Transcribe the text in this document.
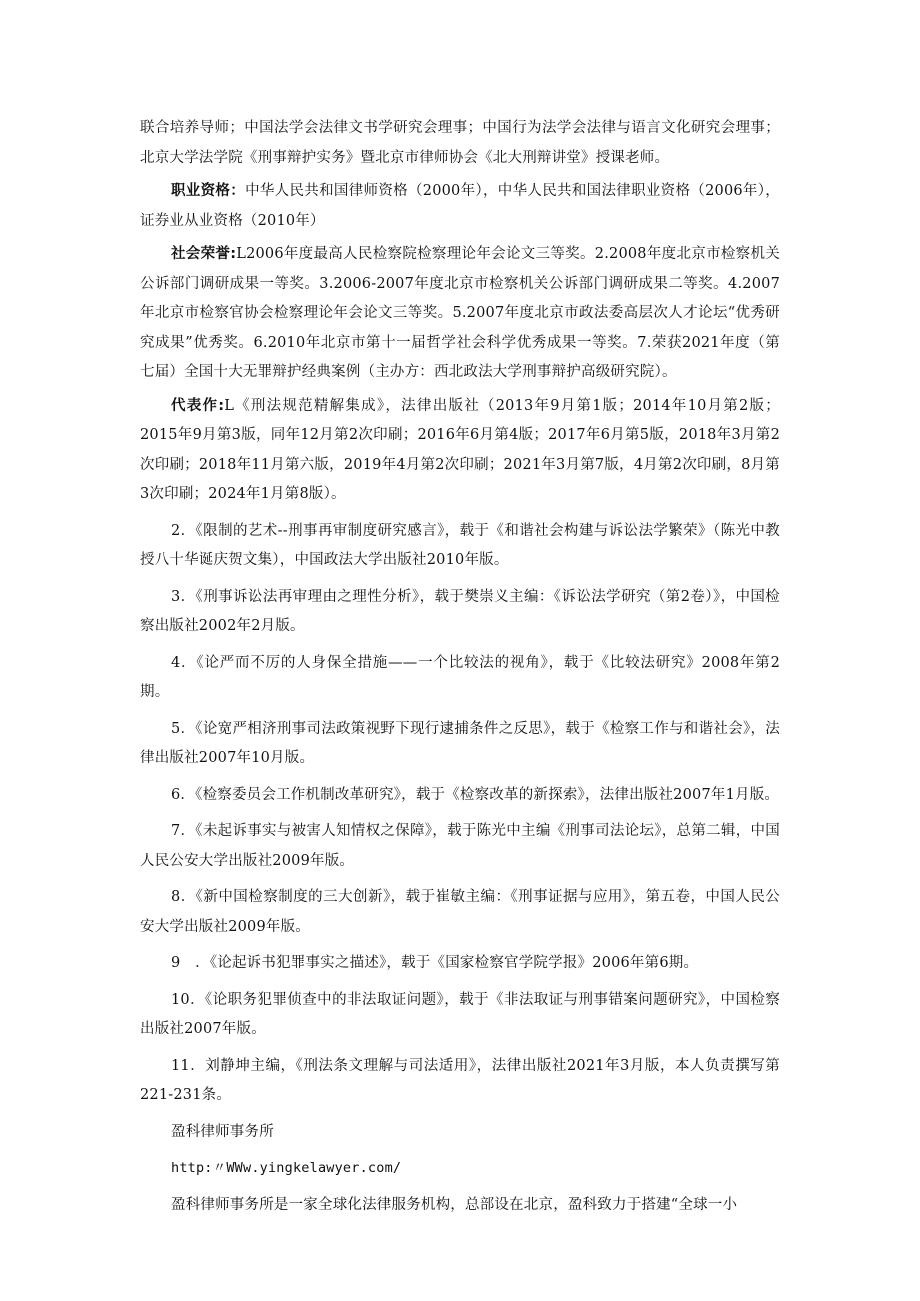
联合培养导师；中国法学会法律文书学研究会理事；中国行为法学会法律与语言文化研究会理事；北京大学法学院《刑事辩护实务》暨北京市律师协会《北大刑辩讲堂》授课老师。

职业资格：中华人民共和国律师资格（2000年），中华人民共和国法律职业资格（2006年），证券业从业资格（2010年）

社会荣誉:L2006年度最高人民检察院检察理论年会论文三等奖。2.2008年度北京市检察机关公诉部门调研成果一等奖。3.2006-2007年度北京市检察机关公诉部门调研成果二等奖。4.2007年北京市检察官协会检察理论年会论文三等奖。5.2007年度北京市政法委高层次人才论坛“优秀研究成果”优秀奖。6.2010年北京市第十一届哲学社会科学优秀成果一等奖。7.荣获2021年度（第七届）全国十大无罪辩护经典案例（主办方：西北政法大学刑事辩护高级研究院）。

代表作:L《刑法规范精解集成》，法律出版社（2013年9月第1版；2014年10月第2版；2015年9月第3版，同年12月第2次印刷；2016年6月第4版；2017年6月第5版，2018年3月第2次印刷；2018年11月第六版，2019年4月第2次印刷；2021年3月第7版，4月第2次印刷，8月第3次印刷；2024年1月第8版）。

2．《限制的艺术--刑事再审制度研究感言》，载于《和谐社会构建与诉讼法学繁荣》（陈光中教授八十华诞庆贺文集），中国政法大学出版社2010年版。

3．《刑事诉讼法再审理由之理性分析》，载于樊崇义主编：《诉讼法学研究（第2卷）》，中国检察出版社2002年2月版。

4．《论严而不厉的人身保全措施——一个比较法的视角》，载于《比较法研究》2008年第2期。

5．《论宽严相济刑事司法政策视野下现行逮捕条件之反思》，载于《检察工作与和谐社会》，法律出版社2007年10月版。

6．《检察委员会工作机制改革研究》，载于《检察改革的新探索》，法律出版社2007年1月版。

7．《未起诉事实与被害人知情权之保障》，载于陈光中主编《刑事司法论坛》，总第二辑，中国人民公安大学出版社2009年版。

8．《新中国检察制度的三大创新》，载于崔敏主编：《刑事证据与应用》，第五卷，中国人民公安大学出版社2009年版。

9　．《论起诉书犯罪事实之描述》，载于《国家检察官学院学报》2006年第6期。

10．《论职务犯罪侦查中的非法取证问题》，载于《非法取证与刑事错案问题研究》，中国检察出版社2007年版。

11．刘静坤主编，《刑法条文理解与司法适用》，法律出版社2021年3月版，本人负责撰写第221-231条。

盈科律师事务所

http:〃WWw.yingkelawyer.com/

盈科律师事务所是一家全球化法律服务机构，总部设在北京，盈科致力于搭建“全球一小
